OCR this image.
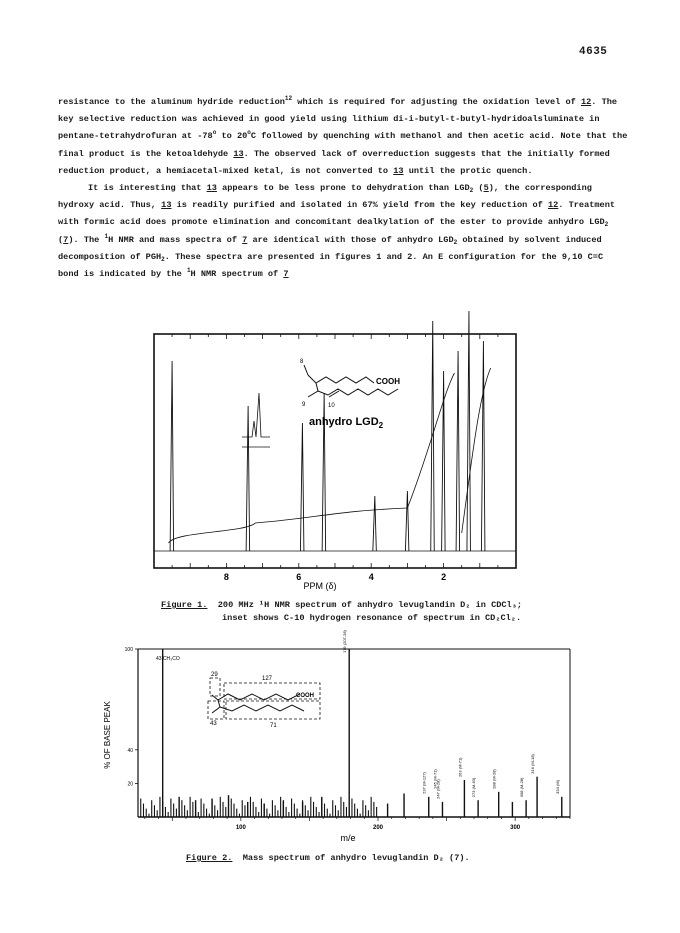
4635

resistance to the aluminum hydride reduction$^{12}$ which is required for adjusting the oxidation level of 12. The key selective reduction was achieved in good yield using lithium di-i-butyl-t-butyl-hydridoalsluminate in pentane-tetrahydrofuran at -78$^o$ to 20$^o$C followed by quenching with methanol and then acetic acid. Note that the final product is the ketoaldehyde 13. The observed lack of overreduction suggests that the initially formed reduction product, a hemiacetal-mixed ketal, is not converted to 13 until the protic quench.

It is interesting that 13 appears to be less prone to dehydration than $LGD_2$ (5), the corresponding hydroxy acid. Thus, 13 is readily purified and isolated in 67% yield from the key reduction of 12. Treatment with formic acid does promote elimination and concomitant dealkylation of the ester to provide anhydro $LGD_2$ (7). The $^1$H NMR and mass spectra of 7 are identical with those of anhydro $LGD_2$ obtained by solvent induced decomposition of $PGH_2$. These spectra are presented in figures 1 and 2. An E configuration for the 9,10 C=C bond is indicated by the $^1$H NMR spectrum of 7

8	6	4	2
8
9	10
COOH
anhydro $LGD_2$
PPM (δ)
Figure 1. 200 MHz ¹H NMR spectrum of anhydro levuglandin D₂ in CDCl₃;
inset shows C-10 hydrogen resonance of spectrum in CD₂Cl₂.
100
40
20
100	200	300
179 (207-28)
237 (M-127) 247 (M-28)
245 (M-71)
263 (M-71)
273 (M-63)	288 (M-28)	308 (M-28)
316 (M-18)
334 (M)
% OF BASE PEAK
m/e
43 CH₃CO
29
127
43	71
COOH
Figure 2. Mass spectrum of anhydro levuglandin D₂ (7).
